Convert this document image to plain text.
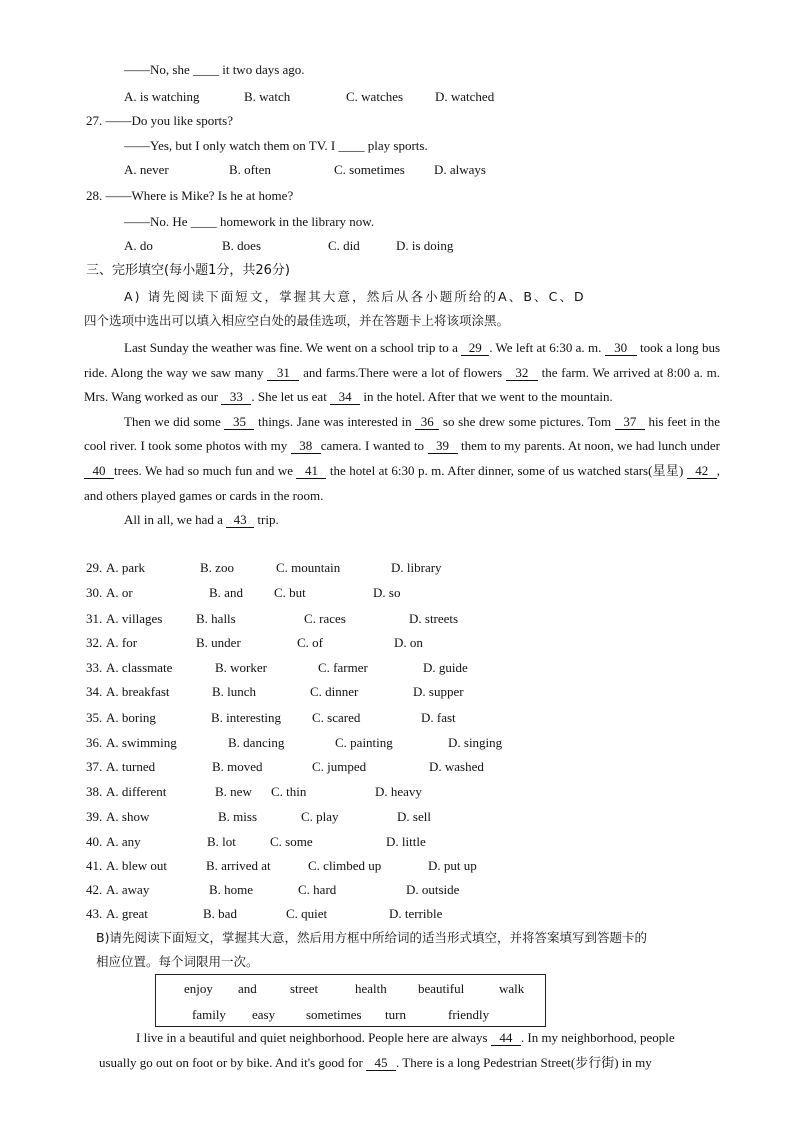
——No, she ____ it two days ago.
A. is watching	B. watch	C. watches D. watched
27. ——Do you like sports?
——Yes, but I only watch them on TV. I ____ play sports.
A. never	B. often	C. sometimes D. always
28. ——Where is Mike? Is he at home?
——No. He ____ homework in the library now.
A. do	B. does	C. did	D. is doing
三、完形填空(每小题1分，共26分)
A) 请先阅读下面短文，掌握其大意，然后从各小题所给的A、B、C、D
四个选项中选出可以填入相应空白处的最佳选项，并在答题卡上将该项涂黑。

Last Sunday the weather was fine. We went on a school trip to a 29 . We left at 6:30 a. m. 30 took a long bus ride. Along the way we saw many 31 and farms.There were a lot of flowers 32 the farm. We arrived at 8:00 a. m. Mrs. Wang worked as our 33 . She let us eat 34 in the hotel. After that we went to the mountain.

Then we did some 35 things. Jane was interested in 36 so she drew some pictures. Tom 37 his feet in the cool river. I took some photos with my 38 camera. I wanted to 39 them to my parents. At noon, we had lunch under 40 trees. We had so much fun and we 41 the hotel at 6:30 p. m. After dinner, some of us watched stars(星星) 42 , and others played games or cards in the room.

All in all, we had a 43 trip.

29. A. park	B. zoo	C. mountain	D. library
30. A. or	B. and C. but	D. so
31. A. villages	B. halls	C. races	D. streets
32. A. for	B. under	C. of	D. on
33. A. classmate	B. worker	C. farmer	D. guide
34. A. breakfast	B. lunch	C. dinner	D. supper
35. A. boring	B. interesting C. scared	D. fast
36. A. swimming	B. dancing	C. painting	D. singing
37. A. turned	B. moved	C. jumped	D. washed
38. A. different	B. new C. thin	D. heavy
39. A. show	B. miss	C. play	D. sell
40. A. any	B. lot	C. some	D. little
41. A. blew out	B. arrived at	C. climbed up	D. put up
42. A. away	B. home	C. hard	D. outside
43. A. great	B. bad	C. quiet	D. terrible
B)请先阅读下面短文，掌握其大意，然后用方框中所给词的适当形式填空，并将答案填写到答题卡的
相应位置。每个词限用一次。
enjoy and	street	health beautiful	walk
family easy sometimes turn	friendly

I live in a beautiful and quiet neighborhood. People here are always 44 . In my neighborhood, people

usually go out on foot or by bike. And it's good for 45 . There is a long Pedestrian Street(步行街) in my
